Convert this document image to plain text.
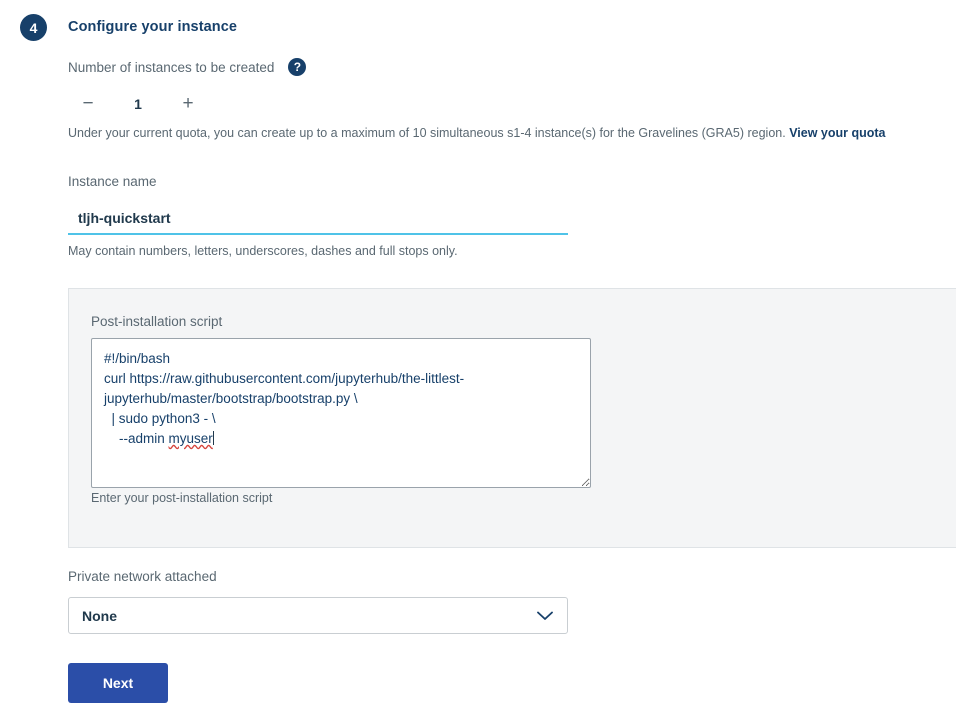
4	Configure your instance
Number of instances to be created	?
−	1	+
Under your current quota, you can create up to a maximum of 10 simultaneous s1-4 instance(s) for the Gravelines (GRA5) region. View your quota
Instance name
tljh-quickstart
May contain numbers, letters, underscores, dashes and full stops only.
Post-installation script
#!/bin/bash
curl https://raw.githubusercontent.com/jupyterhub/the-littlest-
jupyterhub/master/bootstrap/bootstrap.py \
| sudo python3 - \
--admin myuser
Enter your post-installation script
Private network attached
None
Next
